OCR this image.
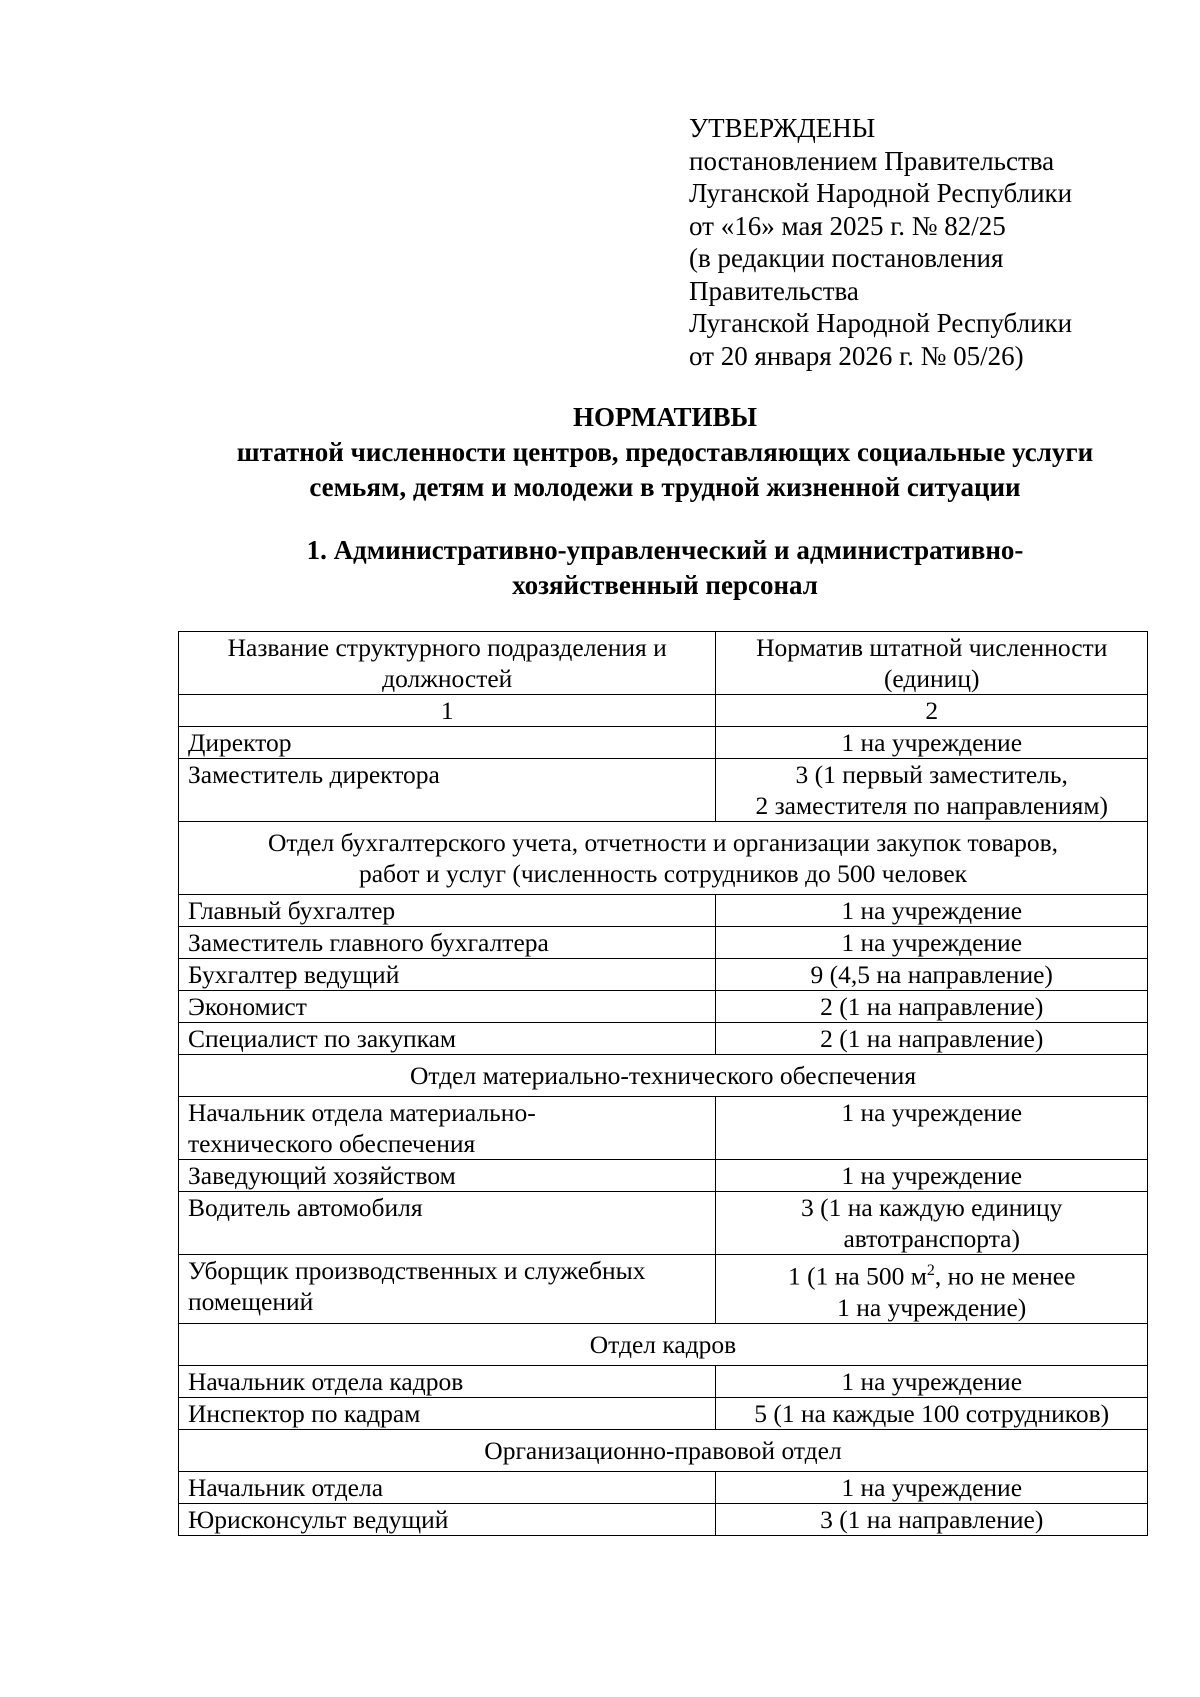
УТВЕРЖДЕНЫ
постановлением Правительства
Луганской Народной Республики
от «16» мая 2025 г. № 82/25
(в редакции постановления
Правительства
Луганской Народной Республики
от 20 января 2026 г. № 05/26)
НОРМАТИВЫ
штатной численности центров, предоставляющих социальные услуги
семьям, детям и молодежи в трудной жизненной ситуации
1. Административно-управленческий и административно-
хозяйственный персонал
Название структурного подразделения и должностей	Норматив штатной численности (единиц)
1	2
Директор	1 на учреждение
Заместитель директора	3 (1 первый заместитель,
2 заместителя по направлениям)

Отдел бухгалтерского учета, отчетности и организации закупок товаров,
работ и услуг (численность сотрудников до 500 человек	

Главный бухгалтер	1 на учреждение
Заместитель главного бухгалтера	1 на учреждение
Бухгалтер ведущий	9 (4,5 на направление)
Экономист	2 (1 на направление)
Специалист по закупкам	2 (1 на направление)
Отдел материально-технического обеспечения	

Начальник отдела материально-
технического обеспечения	1 на учреждение
Заведующий хозяйством	1 на учреждение
Водитель автомобиля	3 (1 на каждую единицу
автотранспорта)

Уборщик производственных и служебных
помещений	1 (1 на 500 $м^2$, но не менее
1 на учреждение)

Отдел кадров	
Начальник отдела кадров	1 на учреждение
Инспектор по кадрам	5 (1 на каждые 100 сотрудников)
Организационно-правовой отдел	
Начальник отдела	1 на учреждение
Юрисконсульт ведущий	3 (1 на направление)
